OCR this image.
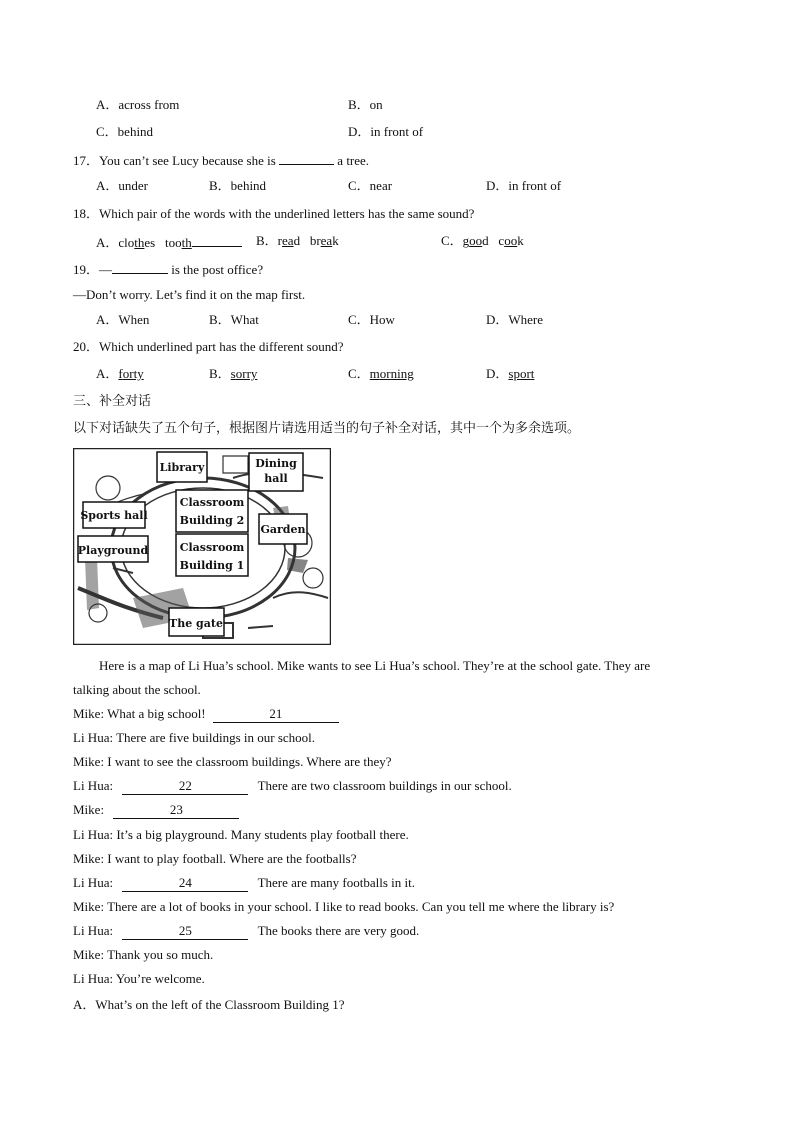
A．across from	B．on
C．behind	D．in front of
17．You can’t see Lucy because she is	a tree.
A．under	B．behind	C．near	D．in front of
18．Which pair of the words with the underlined letters has the same sound?
A．clothes tooth	B．read break	C．good cook
19．—	is the post office?
—Don’t worry. Let’s find it on the map first.
A．When	B．What	C．How	D．Where
20．Which underlined part has the different sound?
A．forty	B．sorry	C．morning	D．sport
三、补全对话
以下对话缺失了五个句子，根据图片请选用适当的句子补全对话，其中一个为多余选项。
Library	Dining
hall
Classroom
Building 2
Sports hall
Garden
Playground	Classroom
Building 1
The gate
Here is a map of Li Hua’s school. Mike wants to see Li Hua’s school. They’re at the school gate. They are
talking about the school.
Mike: What a big school!	21
Li Hua: There are five buildings in our school.
Mike: I want to see the classroom buildings. Where are they?
Li Hua:	22	There are two classroom buildings in our school.
Mike:	23
Li Hua: It’s a big playground. Many students play football there.
Mike: I want to play football. Where are the footballs?
Li Hua:	24	There are many footballs in it.
Mike: There are a lot of books in your school. I like to read books. Can you tell me where the library is?
Li Hua:	25	The books there are very good.
Mike: Thank you so much.
Li Hua: You’re welcome.
A．What’s on the left of the Classroom Building 1?
